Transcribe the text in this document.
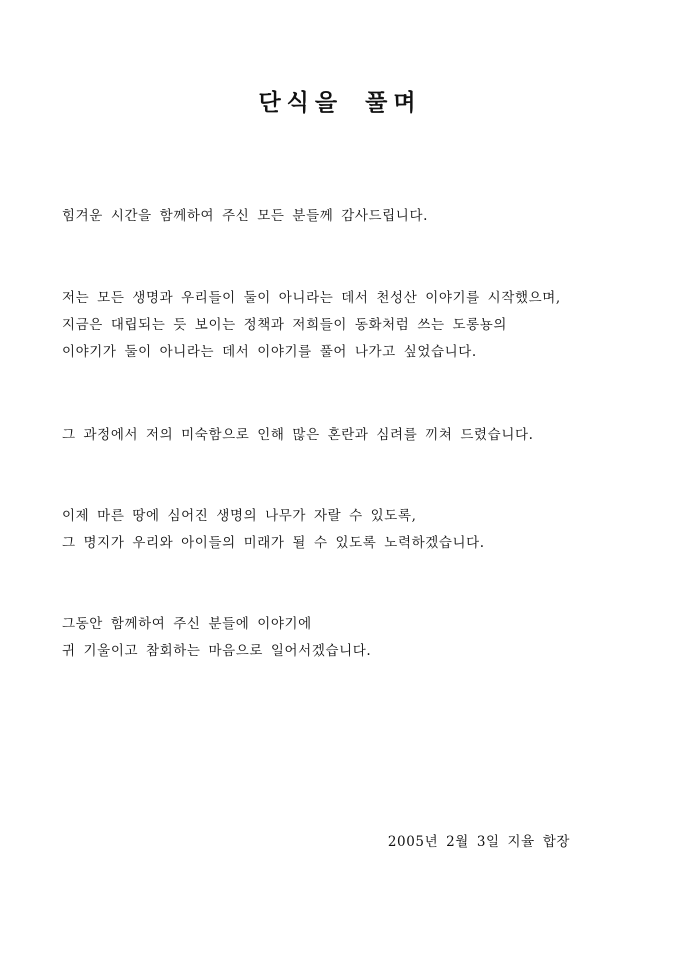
단식을 풀며

힘겨운 시간을 함께하여 주신 모든 분들께 감사드립니다.

저는 모든 생명과 우리들이 둘이 아니라는 데서 천성산 이야기를 시작했으며,
지금은 대립되는 듯 보이는 정책과 저희들이 동화처럼 쓰는 도롱뇽의
이야기가 둘이 아니라는 데서 이야기를 풀어 나가고 싶었습니다.

그 과정에서 저의 미숙함으로 인해 많은 혼란과 심려를 끼쳐 드렸습니다.

이제 마른 땅에 심어진 생명의 나무가 자랄 수 있도록,
그 명지가 우리와 아이들의 미래가 될 수 있도록 노력하겠습니다.

그동안 함께하여 주신 분들에 이야기에
귀 기울이고 참회하는 마음으로 일어서겠습니다.

2005년 2월 3일 지율 합장
